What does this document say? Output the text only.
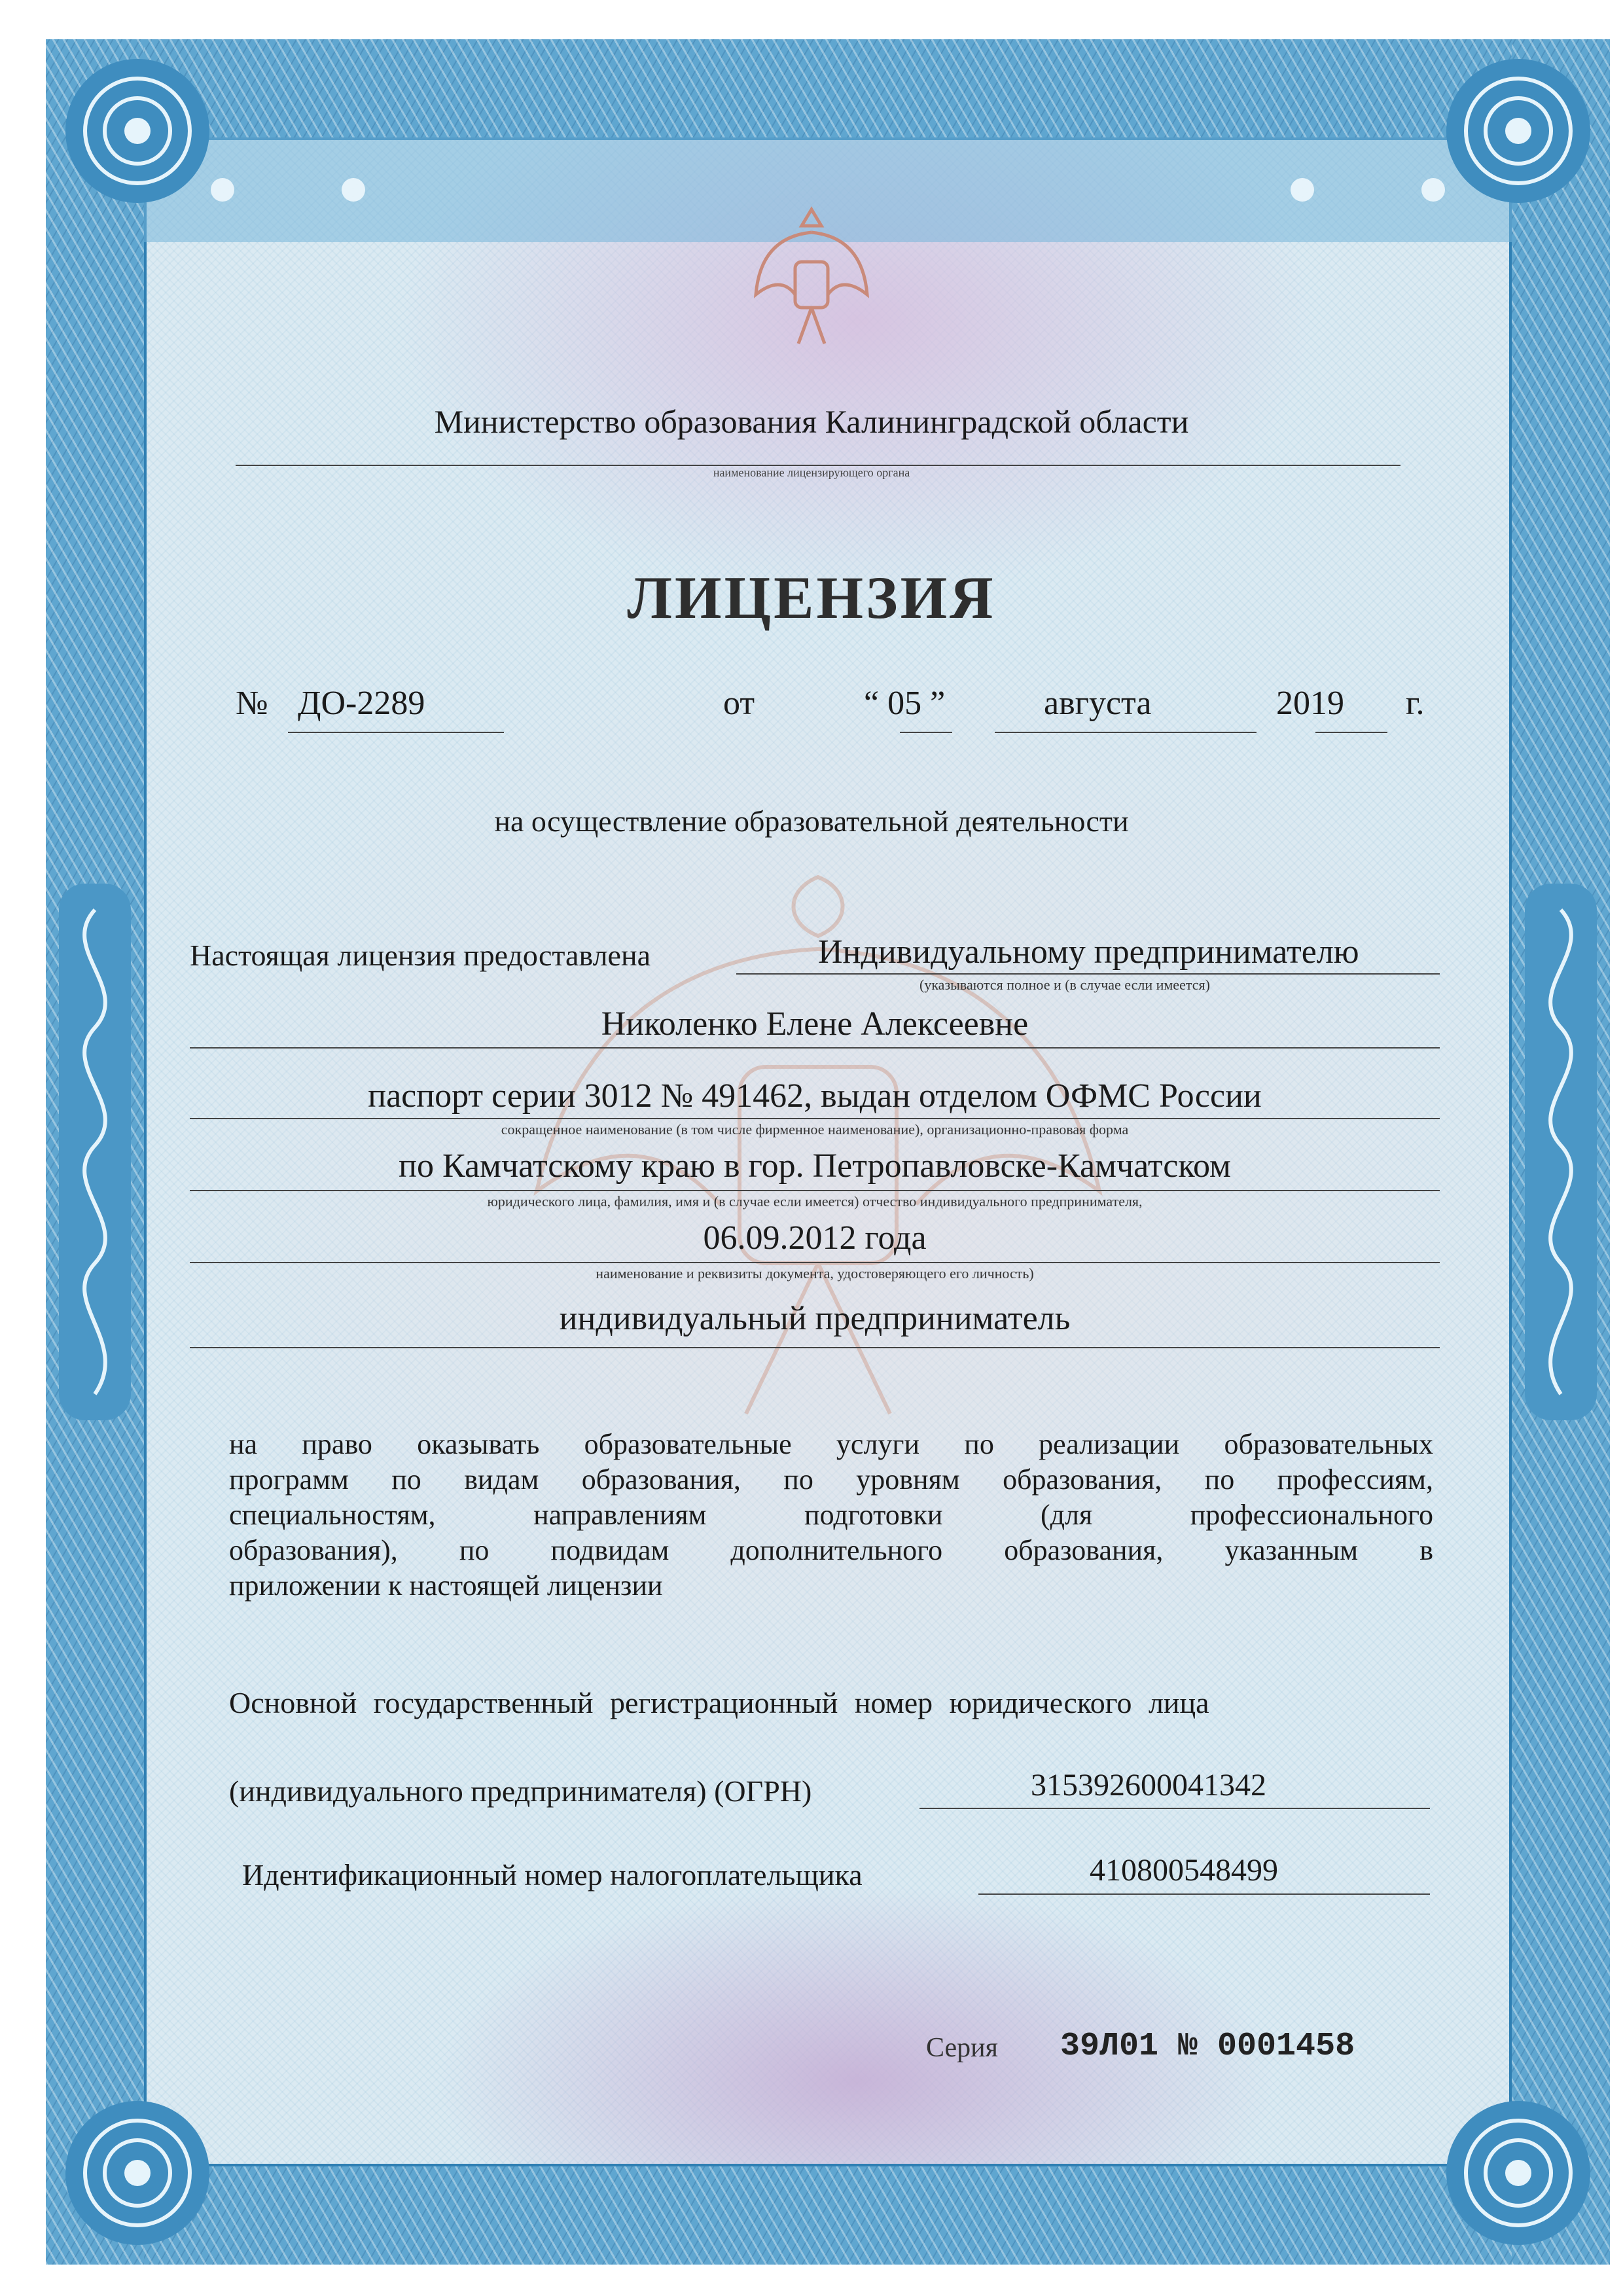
Министерство образования Калининградской области
наименование лицензирующего органа
ЛИЦЕНЗИЯ
№ ДО-2289	от	“ 05 ”	августа	2019 г.
на осуществление образовательной деятельности
Настоящая лицензия предоставлена	Индивидуальному предпринимателю
(указываются полное и (в случае если имеется)
Николенко Елене Алексеевне
паспорт серии 3012 № 491462, выдан отделом ОФМС России
сокращенное наименование (в том числе фирменное наименование), организационно-правовая форма
по Камчатскому краю в гор. Петропавловске-Камчатском
юридического лица, фамилия, имя и (в случае если имеется) отчество индивидуального предпринимателя,
06.09.2012 года
наименование и реквизиты документа, удостоверяющего его личность)
индивидуальный предприниматель
на право оказывать образовательные услуги по реализации образовательных
программ по видам образования, по уровням образования, по профессиям,
специальностям, направлениям подготовки (для профессионального
образования), по подвидам дополнительного образования, указанным в
приложении к настоящей лицензии
Основной государственный регистрационный номер юридического лица
(индивидуального предпринимателя) (ОГРН)	315392600041342
Идентификационный номер налогоплательщика	410800548499
Серия 39Л01 № 0001458
